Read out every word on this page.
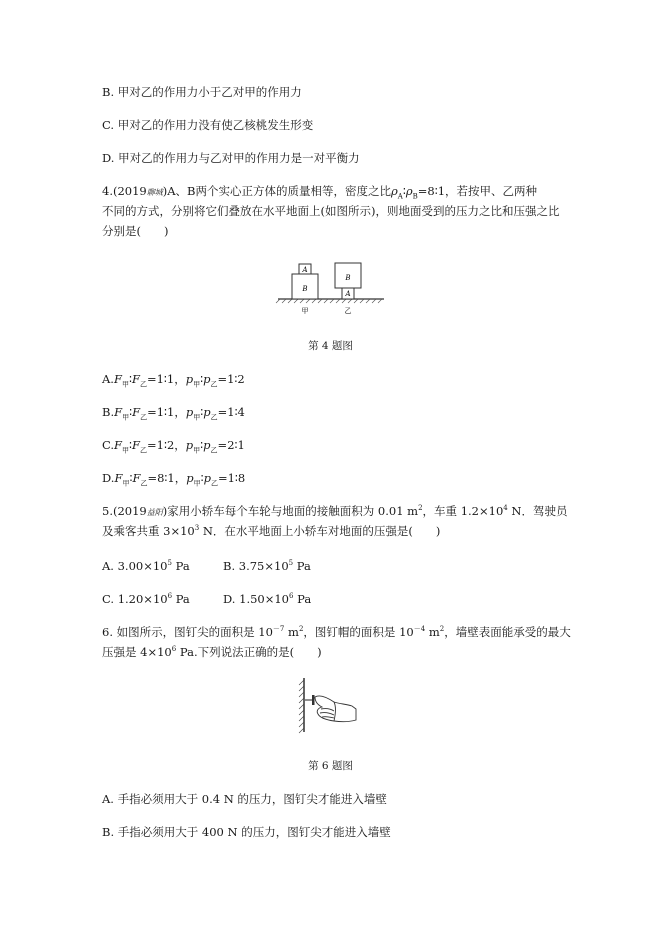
B. 甲对乙的作用力小于乙对甲的作用力
C. 甲对乙的作用力没有使乙核桃发生形变
D. 甲对乙的作用力与乙对甲的作用力是一对平衡力
4.(2019聊城)A、B两个实心正方体的质量相等，密度之比$\rho_A∶\rho_B=8∶1$，若按甲、乙两种
不同的方式，分别将它们叠放在水平地面上(如图所示)，则地面受到的压力之比和压强之比
分别是(　　)
B
A
B
A
甲	乙
第 4 题图
$A.F_甲∶F_乙=1∶1$，$p_甲∶p_乙=1∶2$
$B.F_甲∶F_乙=1∶1$，$p_甲∶p_乙=1∶4$
$C.F_甲∶F_乙=1∶2$，$p_甲∶p_乙=2∶1$
$D.F_甲∶F_乙=8∶1$，$p_甲∶p_乙=1∶8$
5.(2019益阳)家用小轿车每个车轮与地面的接触面积为 0.01 $m^2$，车重 $1.2\times 10^4$ N．驾驶员
及乘客共重 $3\times 10^3$ N．在水平地面上小轿车对地面的压强是(　　)
A. $3.00\times 10^5$ Pa	B. $3.75\times 10^5$ Pa
C. $1.20\times 10^6$ Pa	D. $1.50\times 10^6$ Pa
6. 如图所示，图钉尖的面积是 $10^{-7}$ $m^2$，图钉帽的面积是 $10^{-4}$ $m^2$，墙壁表面能承受的最大
压强是 $4\times 10^6$ Pa.下列说法正确的是(　　)
第 6 题图
A. 手指必须用大于 0.4 N 的压力，图钉尖才能进入墙壁
B. 手指必须用大于 400 N 的压力，图钉尖才能进入墙壁
